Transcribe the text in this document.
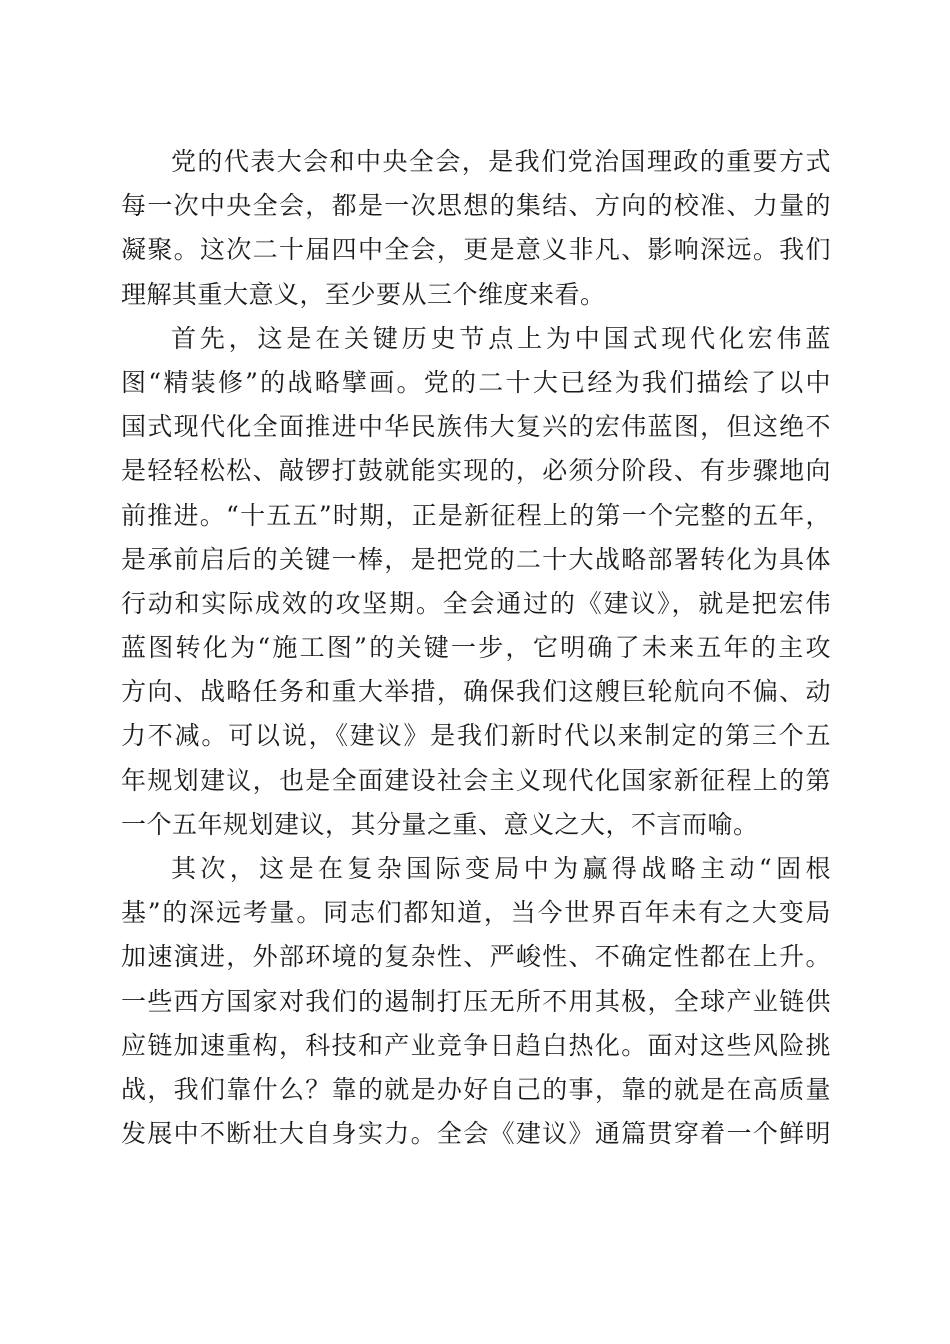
党的代表大会和中央全会，是我们党治国理政的重要方式
每一次中央全会，都是一次思想的集结、方向的校准、力量的
凝聚。这次二十届四中全会，更是意义非凡、影响深远。我们
理解其重大意义，至少要从三个维度来看。
首先，这是在关键历史节点上为中国式现代化宏伟蓝
图“精装修”的战略擘画。党的二十大已经为我们描绘了以中
国式现代化全面推进中华民族伟大复兴的宏伟蓝图，但这绝不
是轻轻松松、敲锣打鼓就能实现的，必须分阶段、有步骤地向
前推进。“十五五”时期，正是新征程上的第一个完整的五年，
是承前启后的关键一棒，是把党的二十大战略部署转化为具体
行动和实际成效的攻坚期。全会通过的《建议》，就是把宏伟
蓝图转化为“施工图”的关键一步，它明确了未来五年的主攻
方向、战略任务和重大举措，确保我们这艘巨轮航向不偏、动
力不减。可以说，《建议》是我们新时代以来制定的第三个五
年规划建议，也是全面建设社会主义现代化国家新征程上的第
一个五年规划建议，其分量之重、意义之大，不言而喻。
其次，这是在复杂国际变局中为赢得战略主动“固根
基”的深远考量。同志们都知道，当今世界百年未有之大变局
加速演进，外部环境的复杂性、严峻性、不确定性都在上升。
一些西方国家对我们的遏制打压无所不用其极，全球产业链供
应链加速重构，科技和产业竞争日趋白热化。面对这些风险挑
战，我们靠什么？靠的就是办好自己的事，靠的就是在高质量
发展中不断壮大自身实力。全会《建议》通篇贯穿着一个鲜明
